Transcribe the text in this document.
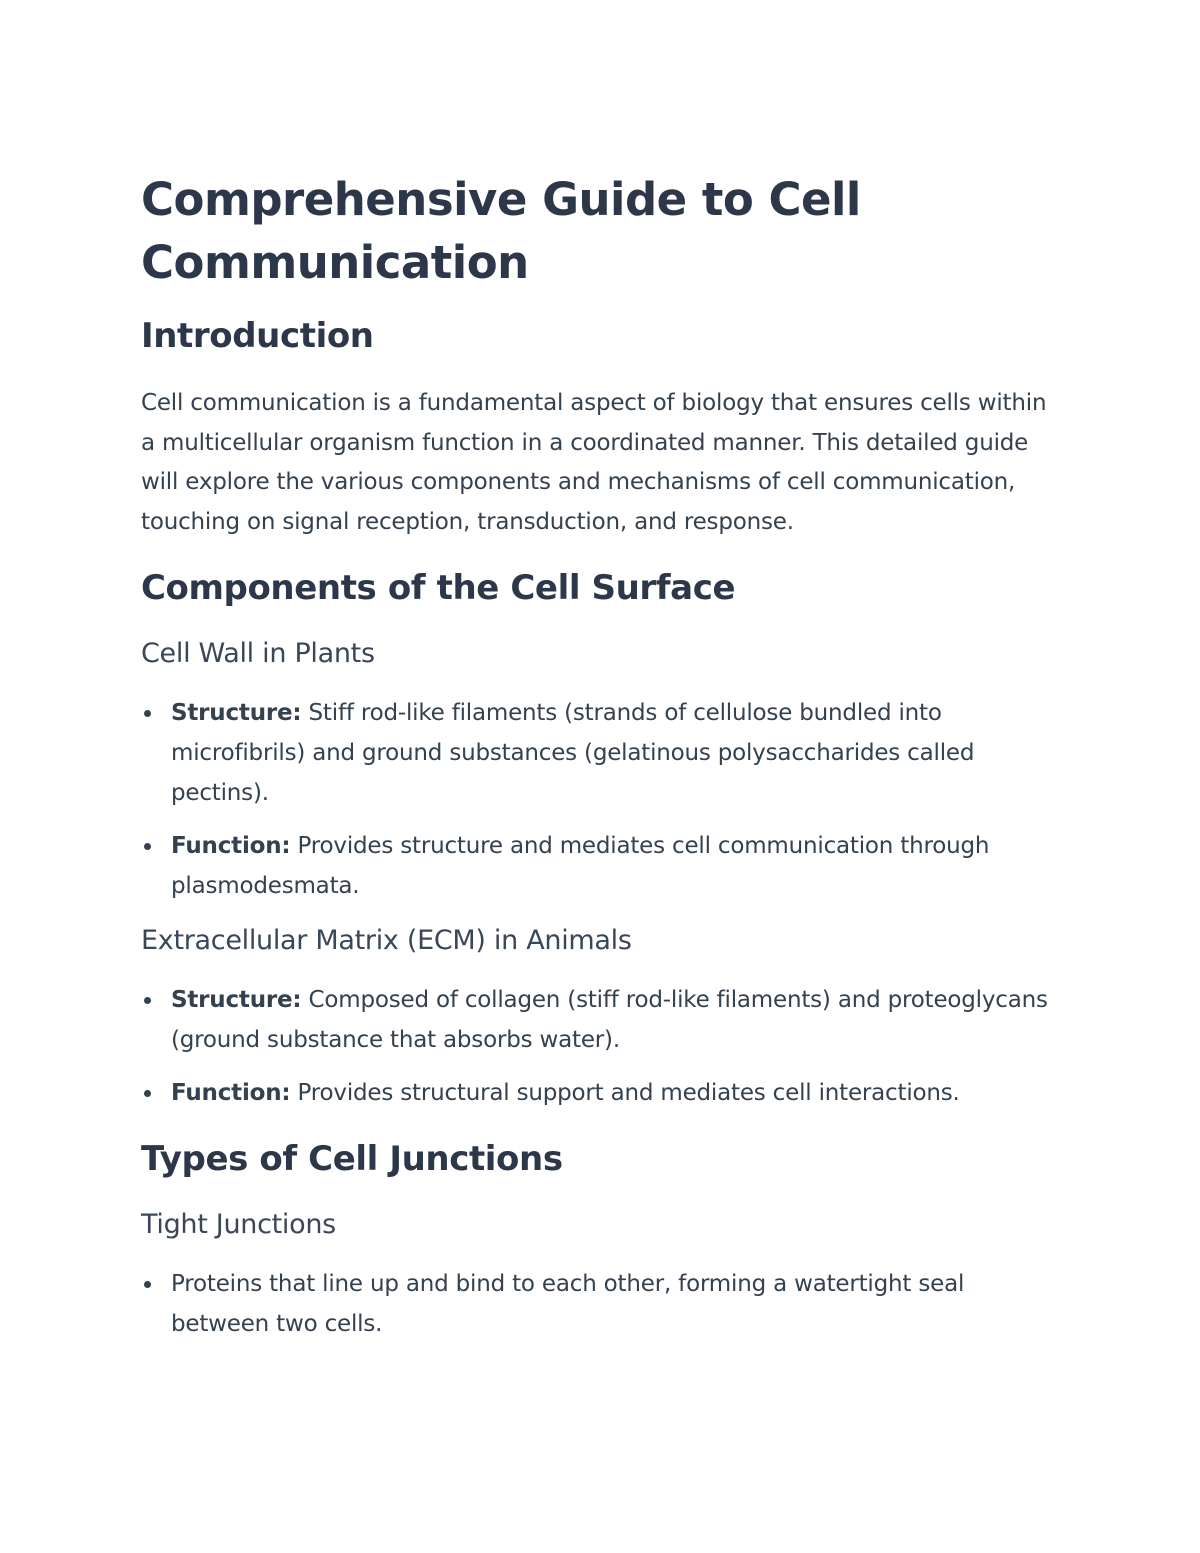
Comprehensive Guide to Cell Communication
Introduction

Cell communication is a fundamental aspect of biology that ensures cells within a multicellular organism function in a coordinated manner. This detailed guide will explore the various components and mechanisms of cell communication, touching on signal reception, transduction, and response.

Components of the Cell Surface
Cell Wall in Plants
Structure: Stiff rod-like filaments (strands of cellulose bundled into microfibrils) and ground substances (gelatinous polysaccharides called pectins).
Function: Provides structure and mediates cell communication through plasmodesmata.
Extracellular Matrix (ECM) in Animals
Structure: Composed of collagen (stiff rod-like filaments) and proteoglycans (ground substance that absorbs water).
Function: Provides structural support and mediates cell interactions.
Types of Cell Junctions
Tight Junctions
Proteins that line up and bind to each other, forming a watertight seal between two cells.
